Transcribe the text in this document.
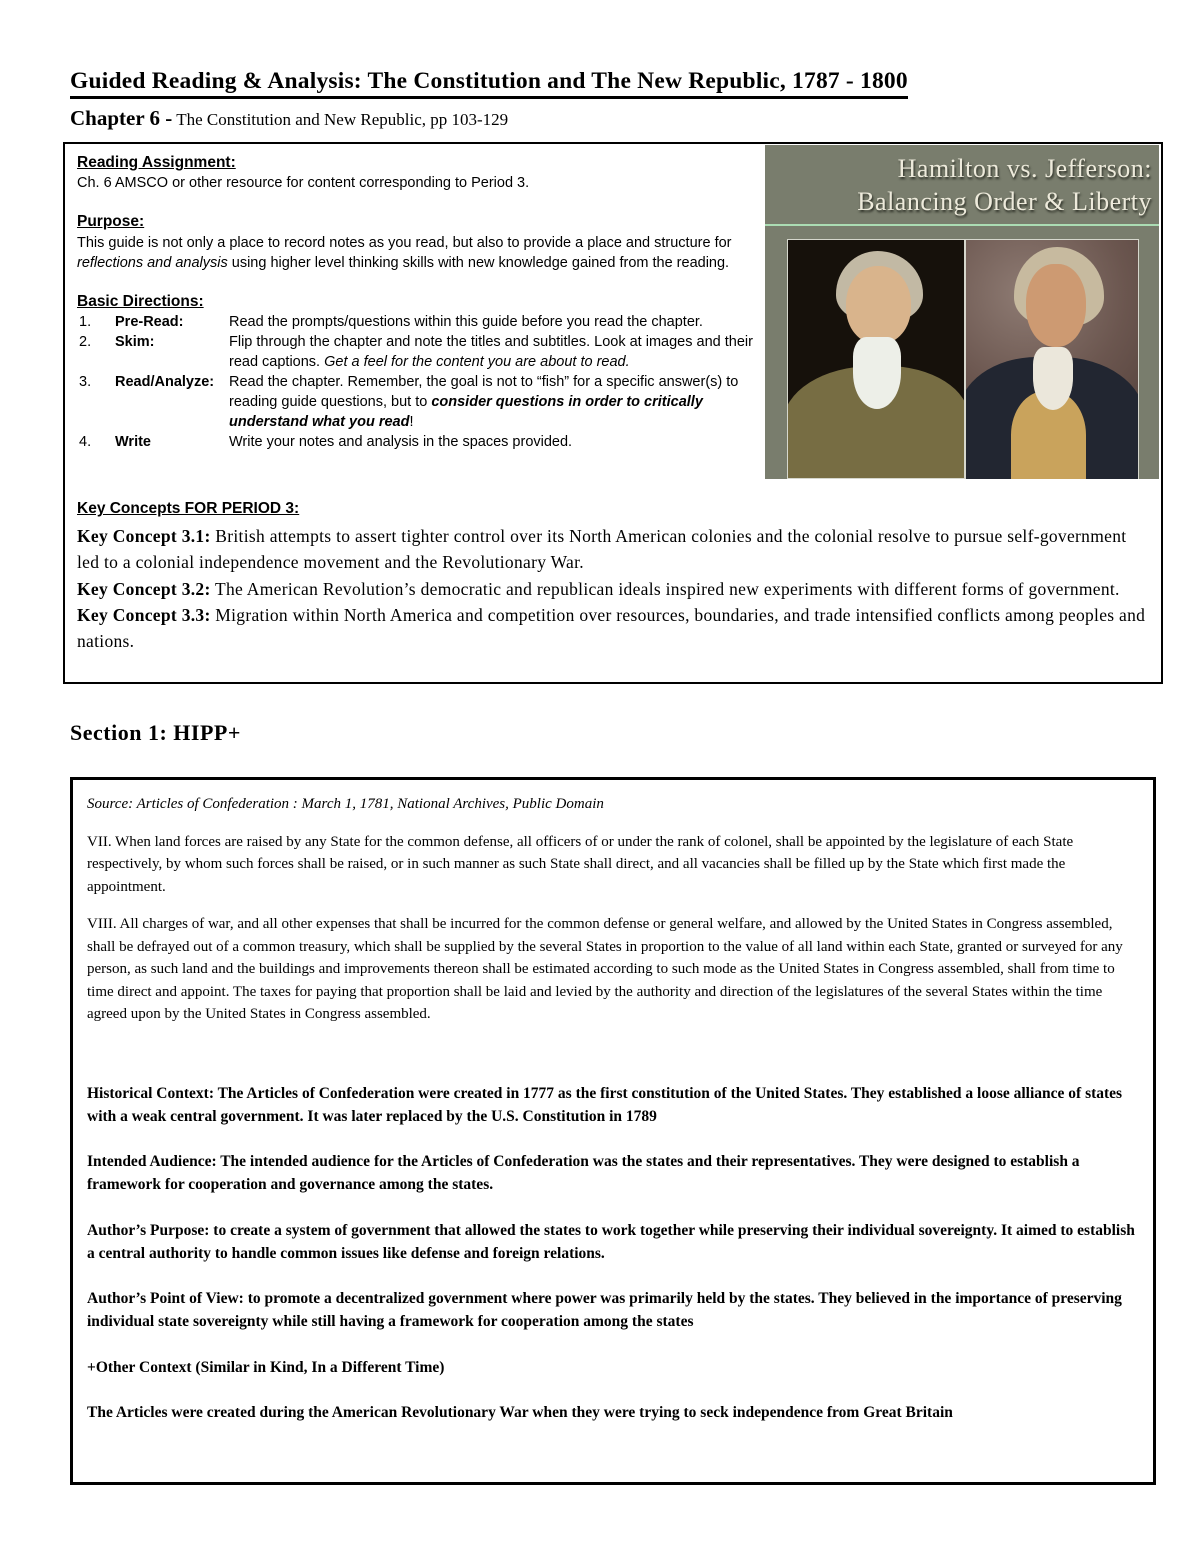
Guided Reading & Analysis: The Constitution and The New Republic, 1787 - 1800
Chapter 6 - The Constitution and New Republic, pp 103-129
Reading Assignment:
Ch. 6 AMSCO or other resource for content corresponding to Period 3.
Purpose:
This guide is not only a place to record notes as you read, but also to provide a place and structure for reflections and analysis using higher level thinking skills with new knowledge gained from the reading.
Basic Directions:
1.	Pre-Read:	Read the prompts/questions within this guide before you read the chapter.
2.	Skim:	Flip through the chapter and note the titles and subtitles. Look at images and their read captions. Get a feel for the content you are about to read.
3.	Read/Analyze:	Read the chapter. Remember, the goal is not to “fish” for a specific answer(s) to reading guide questions, but to consider questions in order to critically understand what you read!
4.	Write	Write your notes and analysis in the spaces provided.
Hamilton vs. Jefferson:
Balancing Order & Liberty
Key Concepts FOR PERIOD 3:
Key Concept 3.1: British attempts to assert tighter control over its North American colonies and the colonial resolve to pursue self-government led to a colonial independence movement and the Revolutionary War.
Key Concept 3.2: The American Revolution’s democratic and republican ideals inspired new experiments with different forms of government.
Key Concept 3.3: Migration within North America and competition over resources, boundaries, and trade intensified conflicts among peoples and nations.
Section 1: HIPP+
Source: Articles of Confederation : March 1, 1781, National Archives, Public Domain
VII. When land forces are raised by any State for the common defense, all officers of or under the rank of colonel, shall be appointed by the legislature of each State respectively, by whom such forces shall be raised, or in such manner as such State shall direct, and all vacancies shall be filled up by the State which first made the appointment.
VIII. All charges of war, and all other expenses that shall be incurred for the common defense or general welfare, and allowed by the United States in Congress assembled, shall be defrayed out of a common treasury, which shall be supplied by the several States in proportion to the value of all land within each State, granted or surveyed for any person, as such land and the buildings and improvements thereon shall be estimated according to such mode as the United States in Congress assembled, shall from time to time direct and appoint. The taxes for paying that proportion shall be laid and levied by the authority and direction of the legislatures of the several States within the time agreed upon by the United States in Congress assembled.
Historical Context: The Articles of Confederation were created in 1777 as the first constitution of the United States. They established a loose alliance of states with a weak central government. It was later replaced by the U.S. Constitution in 1789
Intended Audience: The intended audience for the Articles of Confederation was the states and their representatives. They were designed to establish a framework for cooperation and governance among the states.
Author’s Purpose: to create a system of government that allowed the states to work together while preserving their individual sovereignty. It aimed to establish a central authority to handle common issues like defense and foreign relations.
Author’s Point of View: to promote a decentralized government where power was primarily held by the states. They believed in the importance of preserving individual state sovereignty while still having a framework for cooperation among the states
+Other Context (Similar in Kind, In a Different Time)
The Articles were created during the American Revolutionary War when they were trying to seck independence from Great Britain
